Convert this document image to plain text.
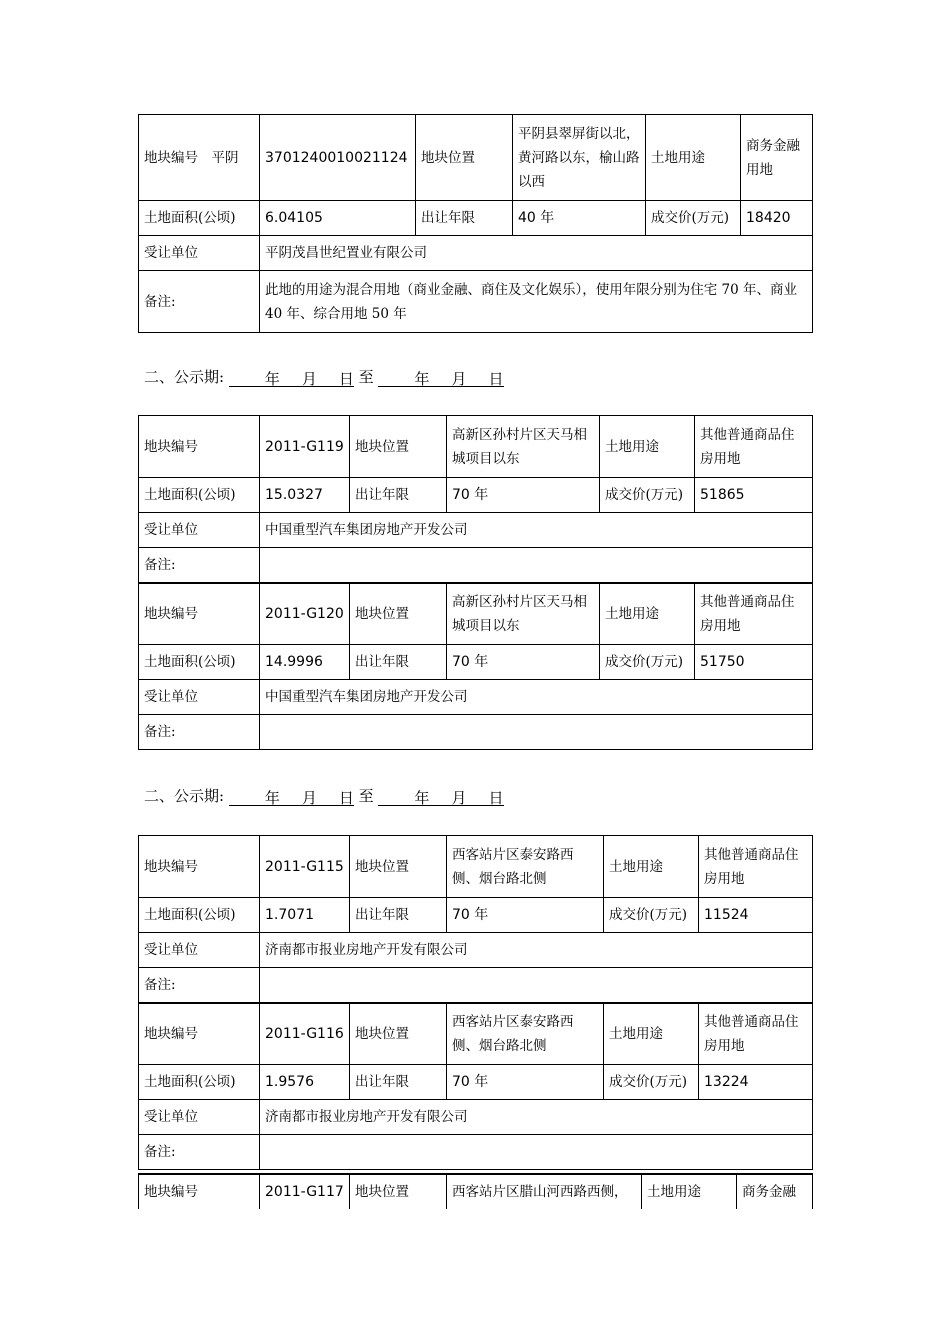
地块编号　平阴	3701240010021124	地块位置	平阴县翠屏街以北，黄河路以东，榆山路以西	土地用途	商务金融用地
土地面积(公顷)	6.04105	出让年限	40 年	成交价(万元)	18420
受让单位	平阴茂昌世纪置业有限公司				
备注:	此地的用途为混合用地（商业金融、商住及文化娱乐），使用年限分别为住宅 70 年、商业 40 年、综合用地 50 年				
二、公示期:	年 月 日 至	年 月 日
地块编号	2011-G119	地块位置	高新区孙村片区天马相城项目以东	土地用途	其他普通商品住房用地
土地面积(公顷)	15.0327	出让年限	70 年	成交价(万元)	51865
受让单位	中国重型汽车集团房地产开发公司				
备注:					
地块编号	2011-G120	地块位置	高新区孙村片区天马相城项目以东	土地用途	其他普通商品住房用地
土地面积(公顷)	14.9996	出让年限	70 年	成交价(万元)	51750
受让单位	中国重型汽车集团房地产开发公司				
备注:					
二、公示期:	年 月 日 至	年 月 日
地块编号	2011-G115	地块位置	西客站片区泰安路西侧、烟台路北侧	土地用途	其他普通商品住房用地
土地面积(公顷)	1.7071	出让年限	70 年	成交价(万元)	11524
受让单位	济南都市报业房地产开发有限公司				
备注:					
地块编号	2011-G116	地块位置	西客站片区泰安路西侧、烟台路北侧	土地用途	其他普通商品住房用地
土地面积(公顷)	1.9576	出让年限	70 年	成交价(万元)	13224
受让单位	济南都市报业房地产开发有限公司				
备注:					
地块编号	2011-G117	地块位置	西客站片区腊山河西路西侧，	土地用途	商务金融
